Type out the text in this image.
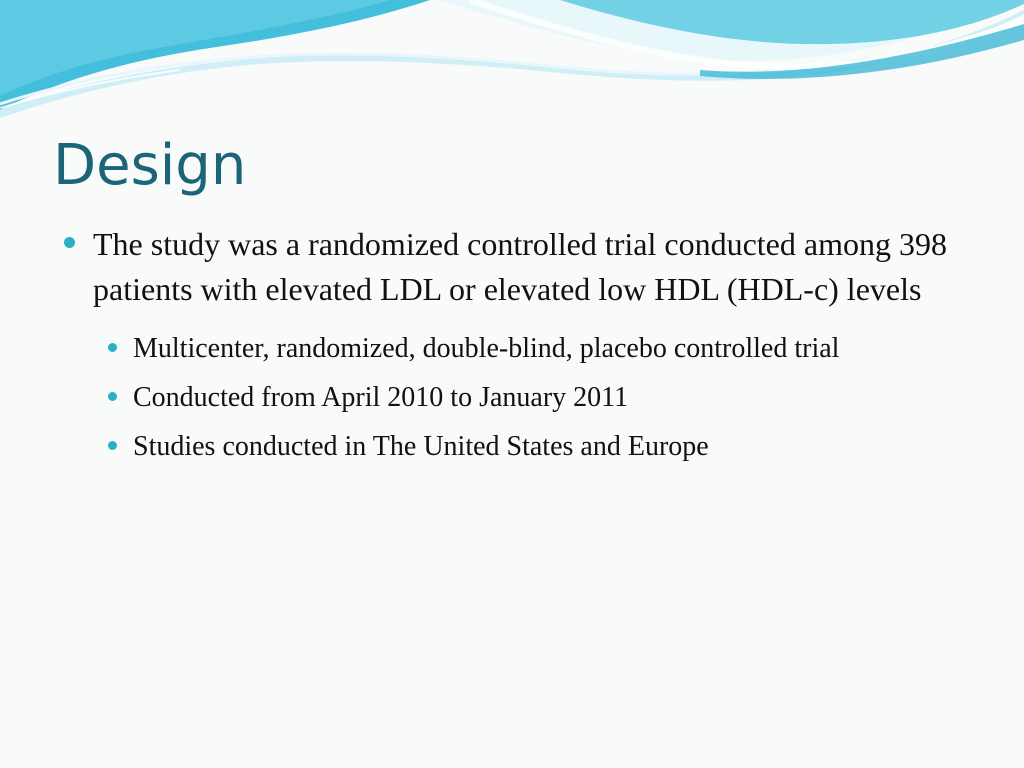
Design
The study was a randomized controlled trial conducted among 398 patients with elevated LDL or elevated low HDL (HDL-c) levels
Multicenter, randomized, double-blind, placebo controlled trial
Conducted from April 2010 to January 2011
Studies conducted in The United States and Europe
